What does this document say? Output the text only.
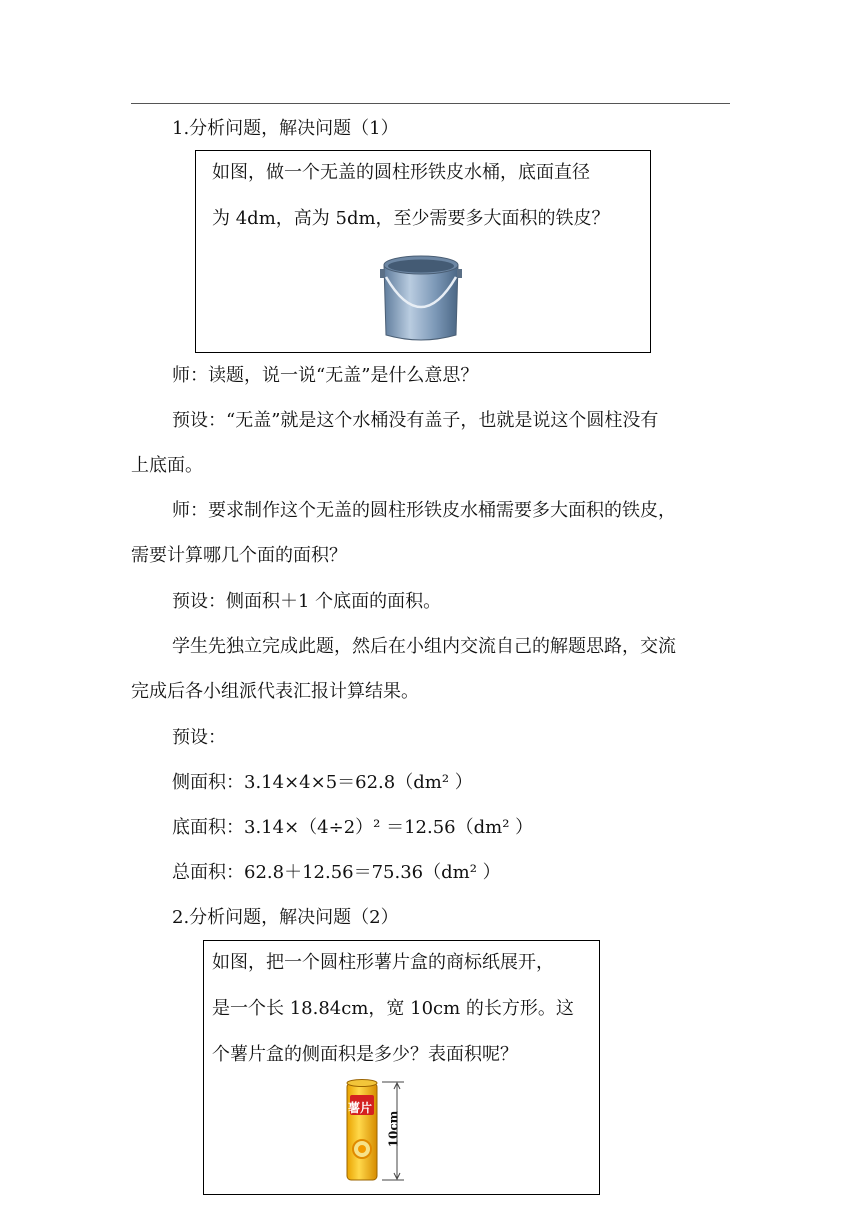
1.分析问题，解决问题（1）
如图，做一个无盖的圆柱形铁皮水桶，底面直径
为 4dm，高为 5dm，至少需要多大面积的铁皮？
师：读题，说一说“无盖”是什么意思？
预设：“无盖”就是这个水桶没有盖子，也就是说这个圆柱没有
上底面。
师：要求制作这个无盖的圆柱形铁皮水桶需要多大面积的铁皮，
需要计算哪几个面的面积？
预设：侧面积＋1 个底面的面积。
学生先独立完成此题，然后在小组内交流自己的解题思路，交流
完成后各小组派代表汇报计算结果。
预设：
侧面积：3.14×4×5＝62.8（dm² ）
底面积：3.14×（4÷2）² ＝12.56（dm² ）
总面积：62.8＋12.56＝75.36（dm² ）
2.分析问题，解决问题（2）
如图，把一个圆柱形薯片盒的商标纸展开，
是一个长 18.84cm，宽 10cm 的长方形。这
个薯片盒的侧面积是多少？表面积呢？
薯片
10cm
